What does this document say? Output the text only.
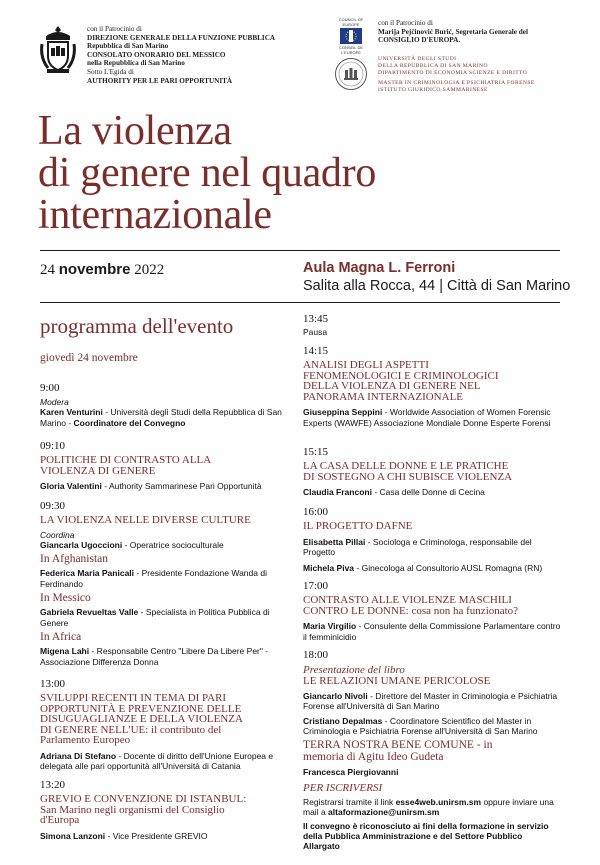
con il Patrocinio di
DIREZIONE GENERALE DELLA FUNZIONE PUBBLICA
Repubblica di San Marino
CONSOLATO ONORARIO DEL MESSICO
nella Repubblica di San Marino
Sotto L'Egida di
AUTHORITY PER LE PARI OPPORTUNITÀ
COUNCIL OF EUROPE
CONSEIL DE L'EUROPE
con il Patrocinio di
Marija Pejčinović Burić, Segretaria Generale del
CONSIGLIO D'EUROPA.
UNIVERSITÀ DEGLI STUDI
DELLA REPUBBLICA DI SAN MARINO
DIPARTIMENTO DI ECONOMIA SCIENZE E DIRITTO
MASTER IN CRIMINOLOGIA E PSICHIATRIA FORENSE
ISTITUTO GIURIDICO SAMMARINESE
La violenza
di genere nel quadro
internazionale
24 novembre 2022	Aula Magna L. Ferroni
Salita alla Rocca, 44 | Città di San Marino
programma dell'evento
giovedì 24 novembre
9:00
Modera
Karen Venturini - Università degli Studi della Repubblica di San Marino - Coordinatore del Convegno
09:10
POLITICHE DI CONTRASTO ALLA
VIOLENZA DI GENERE
Gloria Valentini - Authority Sammarinese Pari Opportunità
09:30
LA VIOLENZA NELLE DIVERSE CULTURE
Coordina
Giancarla Ugoccioni - Operatrice socioculturale
In Afghanistan
Federica Maria Panicali - Presidente Fondazione Wanda di Ferdinando
In Messico
Gabriela Revueltas Valle - Specialista in Politica Pubblica di Genere
In Africa
Migena Lahi - Responsabile Centro "Libere Da Libere Per" - Associazione Differenza Donna
13:00
SVILUPPI RECENTI IN TEMA DI PARI
OPPORTUNITÀ E PREVENZIONE DELLE
DISUGUAGLIANZE E DELLA VIOLENZA
DI GENERE NELL'UE: il contributo del
Parlamento Europeo
Adriana Di Stefano - Docente di diritto dell'Unione Europea e delegata alle pari opportunità all'Università di Catania
13:20
GREVIO E CONVENZIONE DI ISTANBUL:
San Marino negli organismi del Consiglio
d'Europa
Simona Lanzoni - Vice Presidente GREVIO
13:45
Pausa
14:15
ANALISI DEGLI ASPETTI
FENOMENOLOGICI E CRIMINOLOGICI
DELLA VIOLENZA DI GENERE NEL
PANORAMA INTERNAZIONALE
Giuseppina Seppini - Worldwide Association of Women Forensic Experts (WAWFE) Associazione Mondiale Donne Esperte Forensi
15:15
LA CASA DELLE DONNE E LE PRATICHE
DI SOSTEGNO A CHI SUBISCE VIOLENZA
Claudia Franconi - Casa delle Donne di Cecina
16:00
IL PROGETTO DAFNE
Elisabetta Pillai - Sociologa e Criminologa, responsabile del Progetto
Michela Piva - Ginecologa al Consultorio AUSL Romagna (RN)
17:00
CONTRASTO ALLE VIOLENZE MASCHILI
CONTRO LE DONNE: cosa non ha funzionato?
Maria Virgilio - Consulente della Commissione Parlamentare contro il femminicidio
18:00
Presentazione del libro
LE RELAZIONI UMANE PERICOLOSE
Giancarlo Nivoli - Direttore del Master in Criminologia e Psichiatria Forense all'Università di San Marino
Cristiano Depalmas - Coordinatore Scientifico del Master in Criminologia e Psichiatria Forense all'Università di San Marino
TERRA NOSTRA BENE COMUNE - in
memoria di Agitu Ideo Gudeta
Francesca Piergiovanni
PER ISCRIVERSI
Registrarsi tramite il link esse4web.unirsm.sm oppure inviare una mail a altaformazione@unirsm.sm
Il convegno è riconosciuto ai fini della formazione in servizio della Pubblica Amministrazione e del Settore Pubblico Allargato
